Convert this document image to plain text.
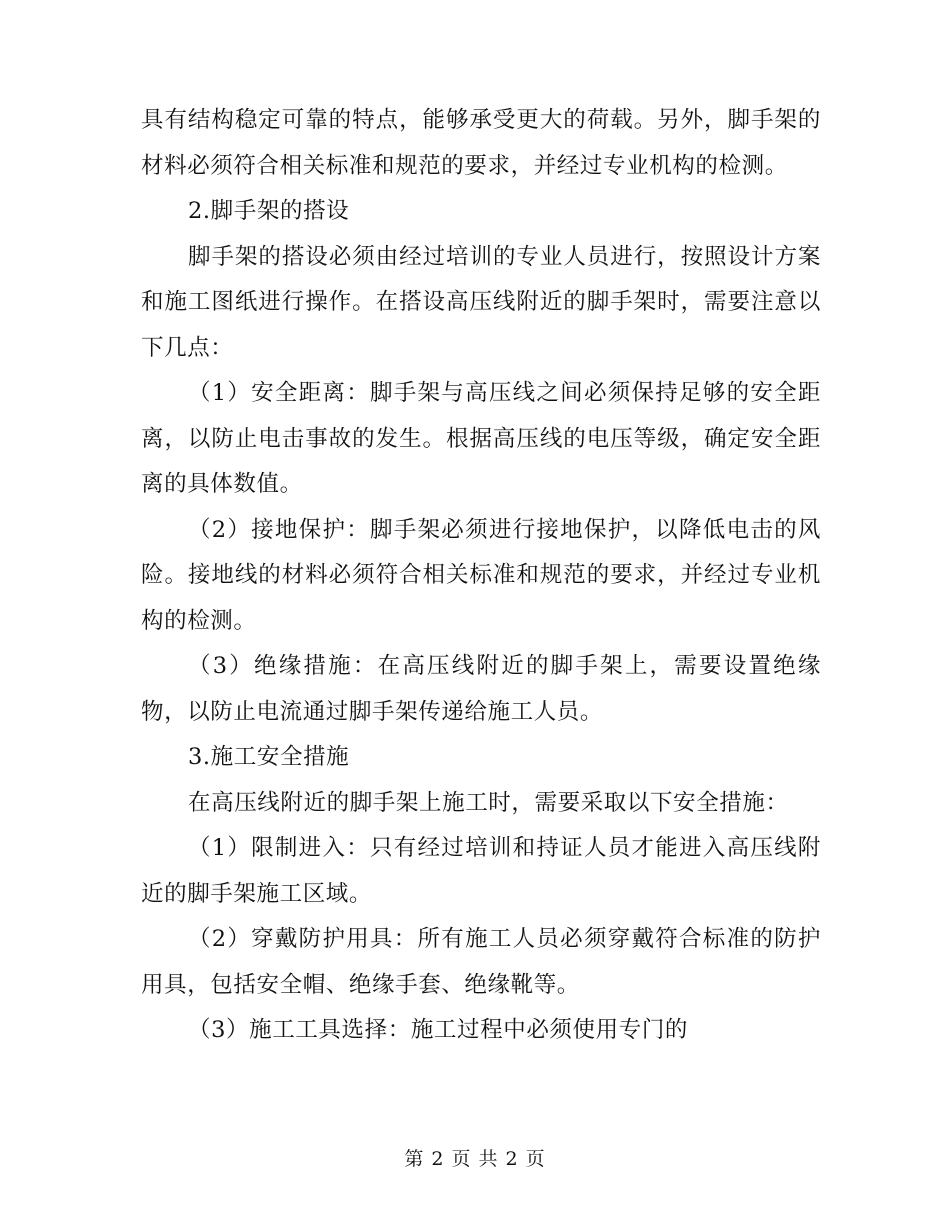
具有结构稳定可靠的特点，能够承受更大的荷载。另外，脚手架的材料必须符合相关标准和规范的要求，并经过专业机构的检测。

2.脚手架的搭设

脚手架的搭设必须由经过培训的专业人员进行，按照设计方案和施工图纸进行操作。在搭设高压线附近的脚手架时，需要注意以下几点：

（1）安全距离：脚手架与高压线之间必须保持足够的安全距离，以防止电击事故的发生。根据高压线的电压等级，确定安全距离的具体数值。

（2）接地保护：脚手架必须进行接地保护，以降低电击的风险。接地线的材料必须符合相关标准和规范的要求，并经过专业机构的检测。

（3）绝缘措施：在高压线附近的脚手架上，需要设置绝缘物，以防止电流通过脚手架传递给施工人员。

3.施工安全措施

在高压线附近的脚手架上施工时，需要采取以下安全措施：

（1）限制进入：只有经过培训和持证人员才能进入高压线附近的脚手架施工区域。

（2）穿戴防护用具：所有施工人员必须穿戴符合标准的防护用具，包括安全帽、绝缘手套、绝缘靴等。

（3）施工工具选择：施工过程中必须使用专门的

第 2 页 共 2 页
